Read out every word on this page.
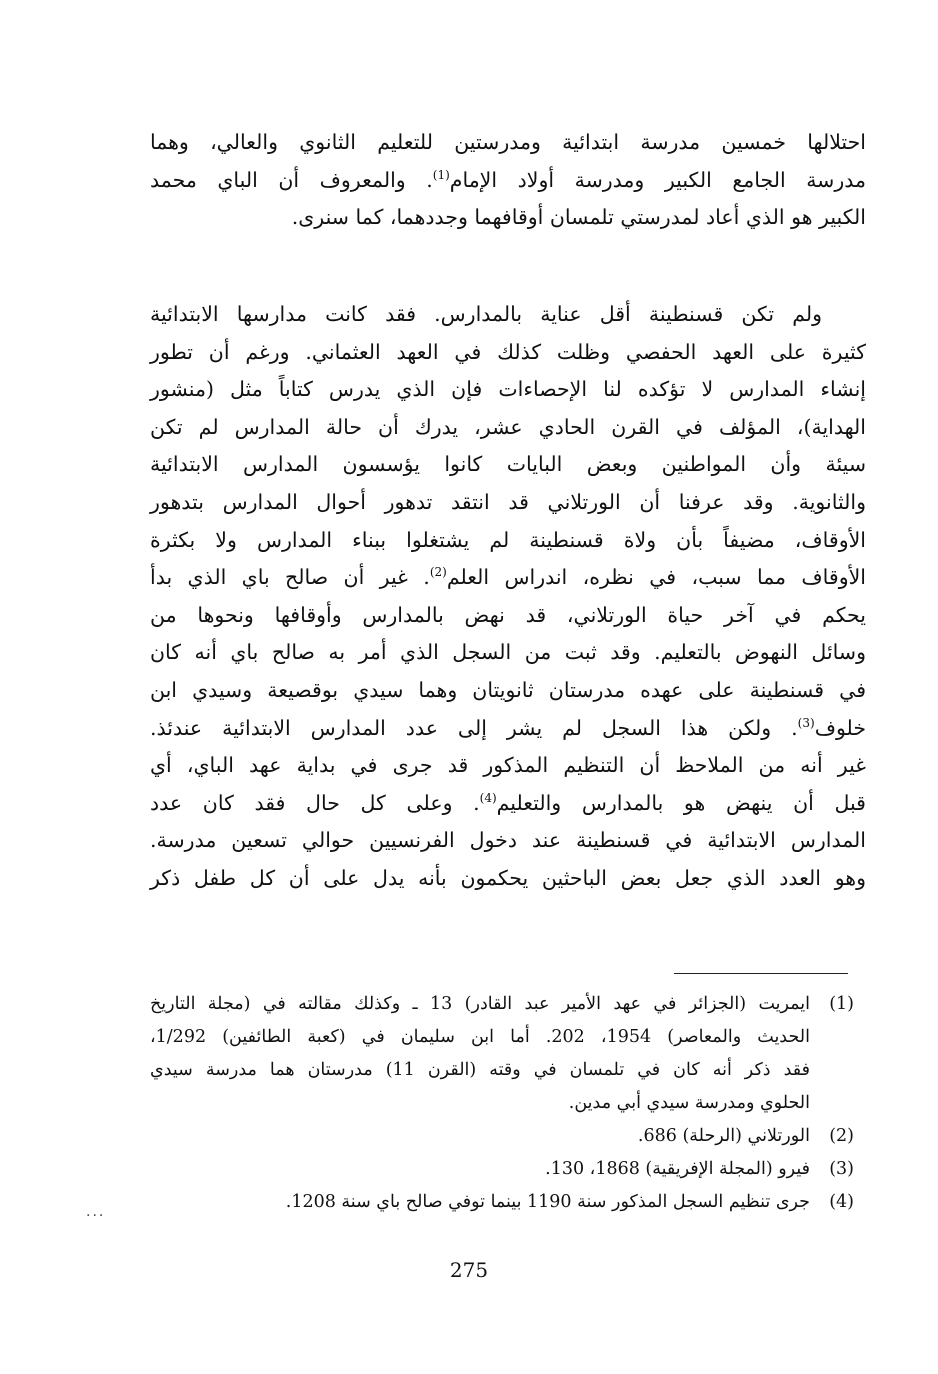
احتلالها خمسين مدرسة ابتدائية ومدرستين للتعليم الثانوي والعالي، وهما
مدرسة الجامع الكبير ومدرسة أولاد الإمام$^{(1)}$. والمعروف أن الباي محمد
الكبير هو الذي أعاد لمدرستي تلمسان أوقافهما وجددهما، كما سنرى.
ولم تكن قسنطينة أقل عناية بالمدارس. فقد كانت مدارسها الابتدائية
كثيرة على العهد الحفصي وظلت كذلك في العهد العثماني. ورغم أن تطور
إنشاء المدارس لا تؤكده لنا الإحصاءات فإن الذي يدرس كتاباً مثل (منشور
الهداية)، المؤلف في القرن الحادي عشر، يدرك أن حالة المدارس لم تكن
سيئة وأن المواطنين وبعض البايات كانوا يؤسسون المدارس الابتدائية
والثانوية. وقد عرفنا أن الورتلاني قد انتقد تدهور أحوال المدارس بتدهور
الأوقاف، مضيفاً بأن ولاة قسنطينة لم يشتغلوا ببناء المدارس ولا بكثرة
الأوقاف مما سبب، في نظره، اندراس العلم$^{(2)}$. غير أن صالح باي الذي بدأ
يحكم في آخر حياة الورتلاني، قد نهض بالمدارس وأوقافها ونحوها من
وسائل النهوض بالتعليم. وقد ثبت من السجل الذي أمر به صالح باي أنه كان
في قسنطينة على عهده مدرستان ثانويتان وهما سيدي بوقصيعة وسيدي ابن
خلوف$^{(3)}$. ولكن هذا السجل لم يشر إلى عدد المدارس الابتدائية عندئذ.
غير أنه من الملاحظ أن التنظيم المذكور قد جرى في بداية عهد الباي، أي
قبل أن ينهض هو بالمدارس والتعليم$^{(4)}$. وعلى كل حال فقد كان عدد
المدارس الابتدائية في قسنطينة عند دخول الفرنسيين حوالي تسعين مدرسة.
وهو العدد الذي جعل بعض الباحثين يحكمون بأنه يدل على أن كل طفل ذكر
(1)
ايمريت (الجزائر في عهد الأمير عبد القادر) 13 ـ وكذلك مقالته في (مجلة التاريخ
الحديث والمعاصر) 1954، 202. أما ابن سليمان في (كعبة الطائفين) 1/292،
فقد ذكر أنه كان في تلمسان في وقته (القرن 11) مدرستان هما مدرسة سيدي
الحلوي ومدرسة سيدي أبي مدين.
(2)
الورتلاني (الرحلة) 686.
(3)
فيرو (المجلة الإفريقية) 1868، 130.
(4)
جرى تنظيم السجل المذكور سنة 1190 بينما توفي صالح باي سنة 1208.
...
275
